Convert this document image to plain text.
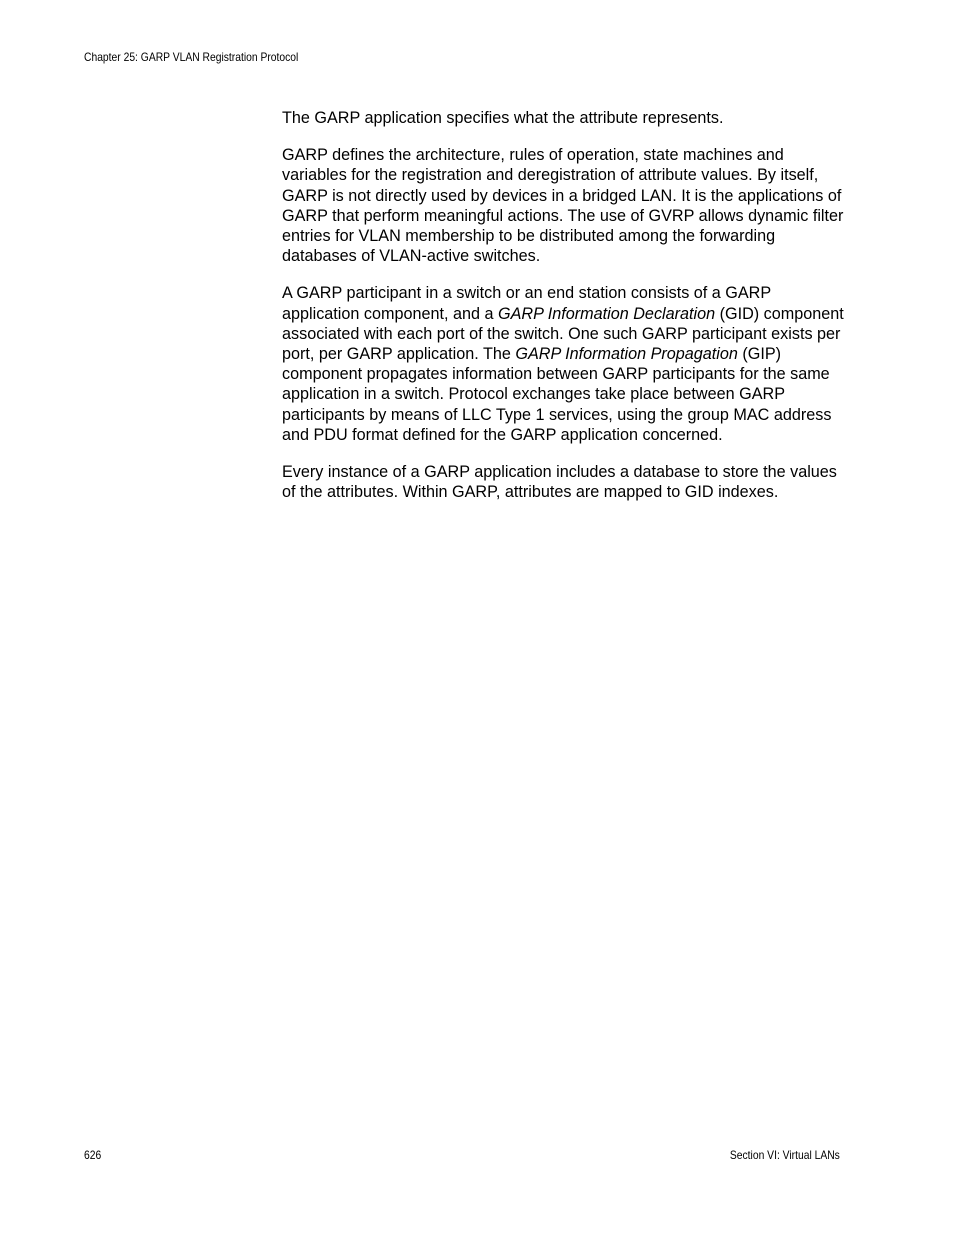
Chapter 25: GARP VLAN Registration Protocol

The GARP application specifies what the attribute represents.

GARP defines the architecture, rules of operation, state machines and variables for the registration and deregistration of attribute values. By itself, GARP is not directly used by devices in a bridged LAN. It is the applications of GARP that perform meaningful actions. The use of GVRP allows dynamic filter entries for VLAN membership to be distributed among the forwarding databases of VLAN-active switches.

A GARP participant in a switch or an end station consists of a GARP application component, and a GARP Information Declaration (GID) component associated with each port of the switch. One such GARP participant exists per port, per GARP application. The GARP Information Propagation (GIP) component propagates information between GARP participants for the same application in a switch. Protocol exchanges take place between GARP participants by means of LLC Type 1 services, using the group MAC address and PDU format defined for the GARP application concerned.

Every instance of a GARP application includes a database to store the values of the attributes. Within GARP, attributes are mapped to GID indexes.

626	Section VI: Virtual LANs
